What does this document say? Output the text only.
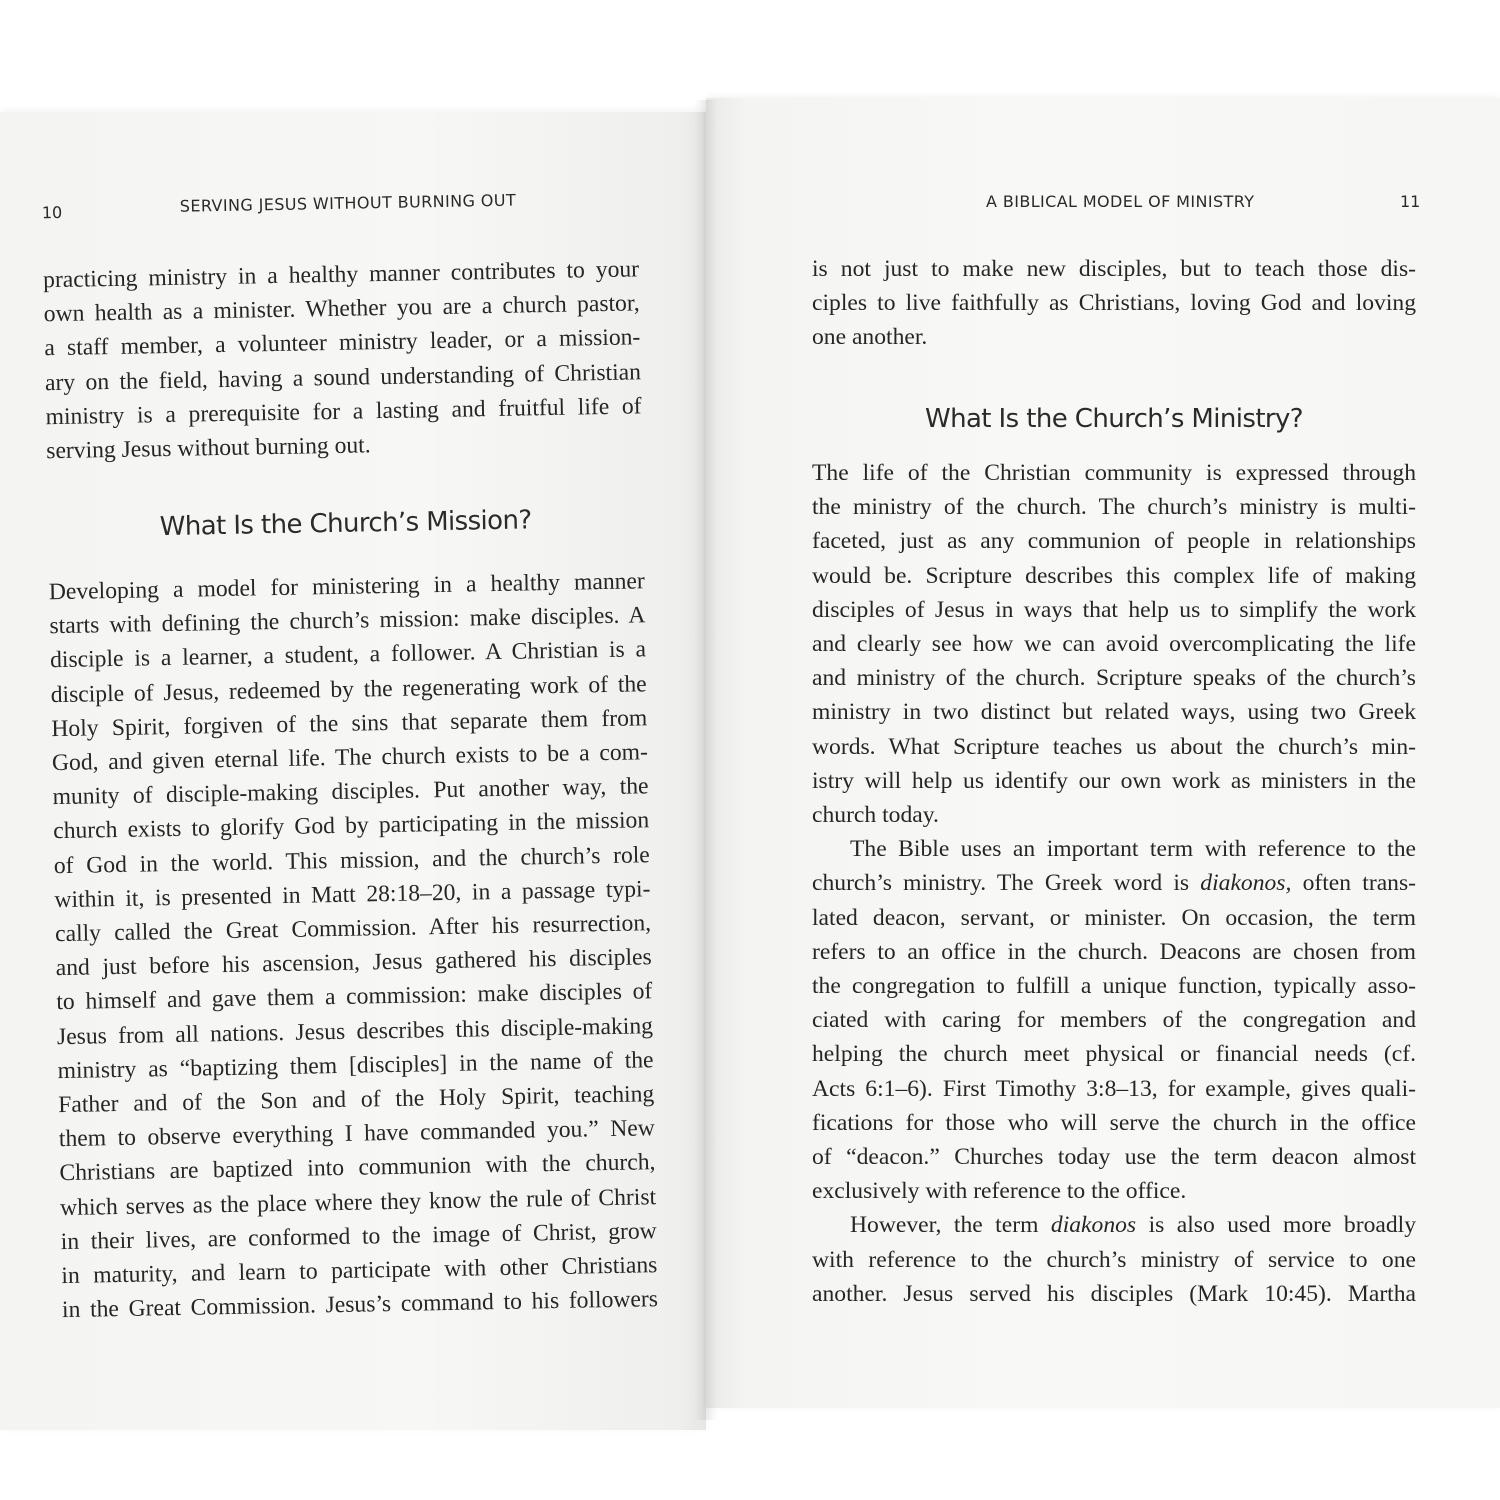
10	SERVING JESUS WITHOUT BURNING OUT

practicing ministry in a healthy manner contributes to your

own health as a minister. Whether you are a church pastor,

a staff member, a volunteer ministry leader, or a mission-

ary on the field, having a sound understanding of Christian

ministry is a prerequisite for a lasting and fruitful life of

serving Jesus without burning out.

What Is the Church’s Mission?

Developing a model for ministering in a healthy manner

starts with defining the church’s mission: make disciples. A

disciple is a learner, a student, a follower. A Christian is a

disciple of Jesus, redeemed by the regenerating work of the

Holy Spirit, forgiven of the sins that separate them from

God, and given eternal life. The church exists to be a com-

munity of disciple-making disciples. Put another way, the

church exists to glorify God by participating in the mission

of God in the world. This mission, and the church’s role

within it, is presented in Matt 28:18–20, in a passage typi-

cally called the Great Commission. After his resurrection,

and just before his ascension, Jesus gathered his disciples

to himself and gave them a commission: make disciples of

Jesus from all nations. Jesus describes this disciple-making

ministry as “baptizing them [disciples] in the name of the

Father and of the Son and of the Holy Spirit, teaching

them to observe everything I have commanded you.” New

Christians are baptized into communion with the church,

which serves as the place where they know the rule of Christ

in their lives, are conformed to the image of Christ, grow

in maturity, and learn to participate with other Christians

in the Great Commission. Jesus’s command to his followers

A BIBLICAL MODEL OF MINISTRY	11

is not just to make new disciples, but to teach those dis-

ciples to live faithfully as Christians, loving God and loving

one another.

What Is the Church’s Ministry?

The life of the Christian community is expressed through

the ministry of the church. The church’s ministry is multi-

faceted, just as any communion of people in relationships

would be. Scripture describes this complex life of making

disciples of Jesus in ways that help us to simplify the work

and clearly see how we can avoid overcomplicating the life

and ministry of the church. Scripture speaks of the church’s

ministry in two distinct but related ways, using two Greek

words. What Scripture teaches us about the church’s min-

istry will help us identify our own work as ministers in the

church today.

The Bible uses an important term with reference to the

church’s ministry. The Greek word is diakonos, often trans-

lated deacon, servant, or minister. On occasion, the term

refers to an office in the church. Deacons are chosen from

the congregation to fulfill a unique function, typically asso-

ciated with caring for members of the congregation and

helping the church meet physical or financial needs (cf.

Acts 6:1–6). First Timothy 3:8–13, for example, gives quali-

fications for those who will serve the church in the office

of “deacon.” Churches today use the term deacon almost

exclusively with reference to the office.

However, the term diakonos is also used more broadly

with reference to the church’s ministry of service to one

another. Jesus served his disciples (Mark 10:45). Martha
